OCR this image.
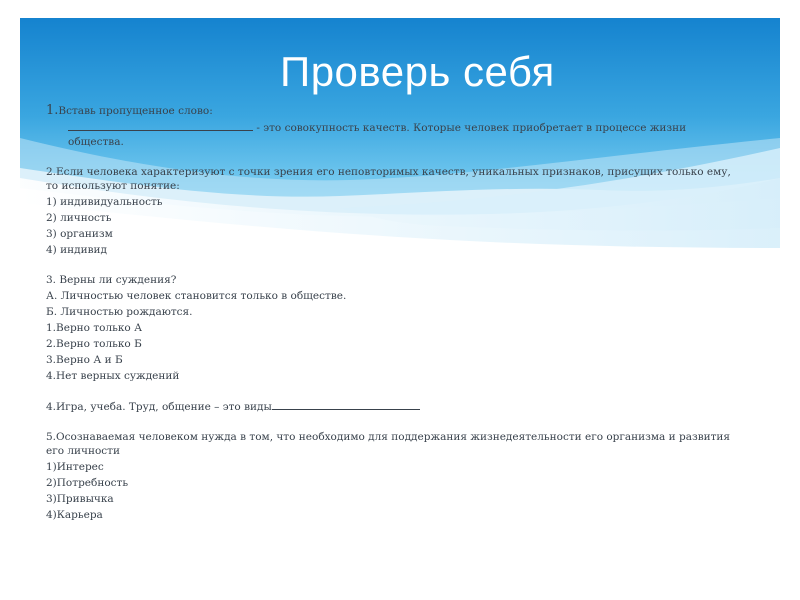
Проверь себя
1.Вставь пропущенное слово:

- это совокупность качеств. Которые человек приобретает в процессе жизни

общества.

2.Если человека характеризуют с точки зрения его неповторимых качеств, уникальных признаков, присущих только ему, то используют понятие:

1) индивидуальность

2) личность

3) организм

4) индивид

3. Верны ли суждения?

А. Личностью человек становится только в обществе.

Б. Личностью рождаются.

1.Верно только А

2.Верно только Б

3.Верно А и Б

4.Нет верных суждений

4.Игра, учеба. Труд, общение – это виды

5.Осознаваемая человеком нужда в том, что необходимо для поддержания жизнедеятельности его организма и развития его личности

1)Интерес

2)Потребность

3)Привычка

4)Карьера
